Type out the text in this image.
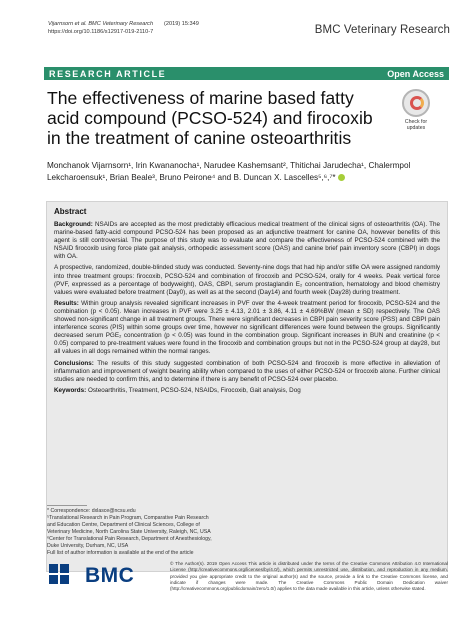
Vijarnsorn et al. BMC Veterinary Research (2019) 15:349
https://doi.org/10.1186/s12917-019-2110-7	BMC Veterinary Research
RESEARCH ARTICLE	Open Access
The effectiveness of marine based fatty acid compound (PCSO-524) and firocoxib in the treatment of canine osteoarthritis
Check for
updates
Monchanok Vijarnsorn¹, Irin Kwananocha¹, Narudee Kashemsant², Thitichai Jarudecha¹, Chalermpol Lekcharoensuk¹, Brian Beale³, Bruno Peirone⁴ and B. Duncan X. Lascelles⁵,⁶,⁷*
Abstract

Background: NSAIDs are accepted as the most predictably efficacious medical treatment of the clinical signs of osteoarthritis (OA). The marine-based fatty-acid compound PCSO-524 has been proposed as an adjunctive treatment for canine OA, however benefits of this agent is still controversial. The purpose of this study was to evaluate and compare the effectiveness of PCSO-524 combined with the NSAID firocoxib using force plate gait analysis, orthopedic assessment score (OAS) and canine brief pain inventory score (CBPI) in dogs with OA.

A prospective, randomized, double-blinded study was conducted. Seventy-nine dogs that had hip and/or stifle OA were assigned randomly into three treatment groups: firocoxib, PCSO-524 and combination of firocoxib and PCSO-524, orally for 4 weeks. Peak vertical force (PVF, expressed as a percentage of bodyweight), OAS, CBPI, serum prostaglandin E₂ concentration, hematology and blood chemistry values were evaluated before treatment (Day0), as well as at the second (Day14) and fourth week (Day28) during treatment.

Results: Within group analysis revealed significant increases in PVF over the 4-week treatment period for firocoxib, PCSO-524 and the combination (p < 0.05). Mean increases in PVF were 3.25 ± 4.13, 2.01 ± 3.86, 4.11 ± 4.69%BW (mean ± SD) respectively. The OAS showed non-significant change in all treatment groups. There were significant decreases in CBPI pain severity score (PSS) and CBPI pain interference scores (PIS) within some groups over time, however no significant differences were found between the groups. Significantly decreased serum PGE₂ concentration (p < 0.05) was found in the combination group. Significant increases in BUN and creatinine (p < 0.05) compared to pre-treatment values were found in the firocoxib and combination groups but not in the PCSO-524 group at day28, but all values in all dogs remained within the normal ranges.

Conclusions: The results of this study suggested combination of both PCSO-524 and firocoxib is more effective in alleviation of inflammation and improvement of weight bearing ability when compared to the uses of either PCSO-524 or firocoxib alone. Further clinical studies are needed to confirm this, and to determine if there is any benefit of PCSO-524 over placebo.

Keywords: Osteoarthritis, Treatment, PCSO-524, NSAIDs, Firocoxib, Gait analysis, Dog

* Correspondence: dxlasce@ncsu.edu
⁵Translational Research in Pain Program, Comparative Pain Research and Education Centre, Department of Clinical Sciences, College of Veterinary Medicine, North Carolina State University, Raleigh, NC, USA
⁶Center for Translational Pain Research, Department of Anesthesiology, Duke University, Durham, NC, USA
Full list of author information is available at the end of the article
BMC
© The Author(s). 2019 Open Access This article is distributed under the terms of the Creative Commons Attribution 4.0 International License (http://creativecommons.org/licenses/by/4.0/), which permits unrestricted use, distribution, and reproduction in any medium, provided you give appropriate credit to the original author(s) and the source, provide a link to the Creative Commons license, and indicate if changes were made. The Creative Commons Public Domain Dedication waiver (http://creativecommons.org/publicdomain/zero/1.0/) applies to the data made available in this article, unless otherwise stated.
